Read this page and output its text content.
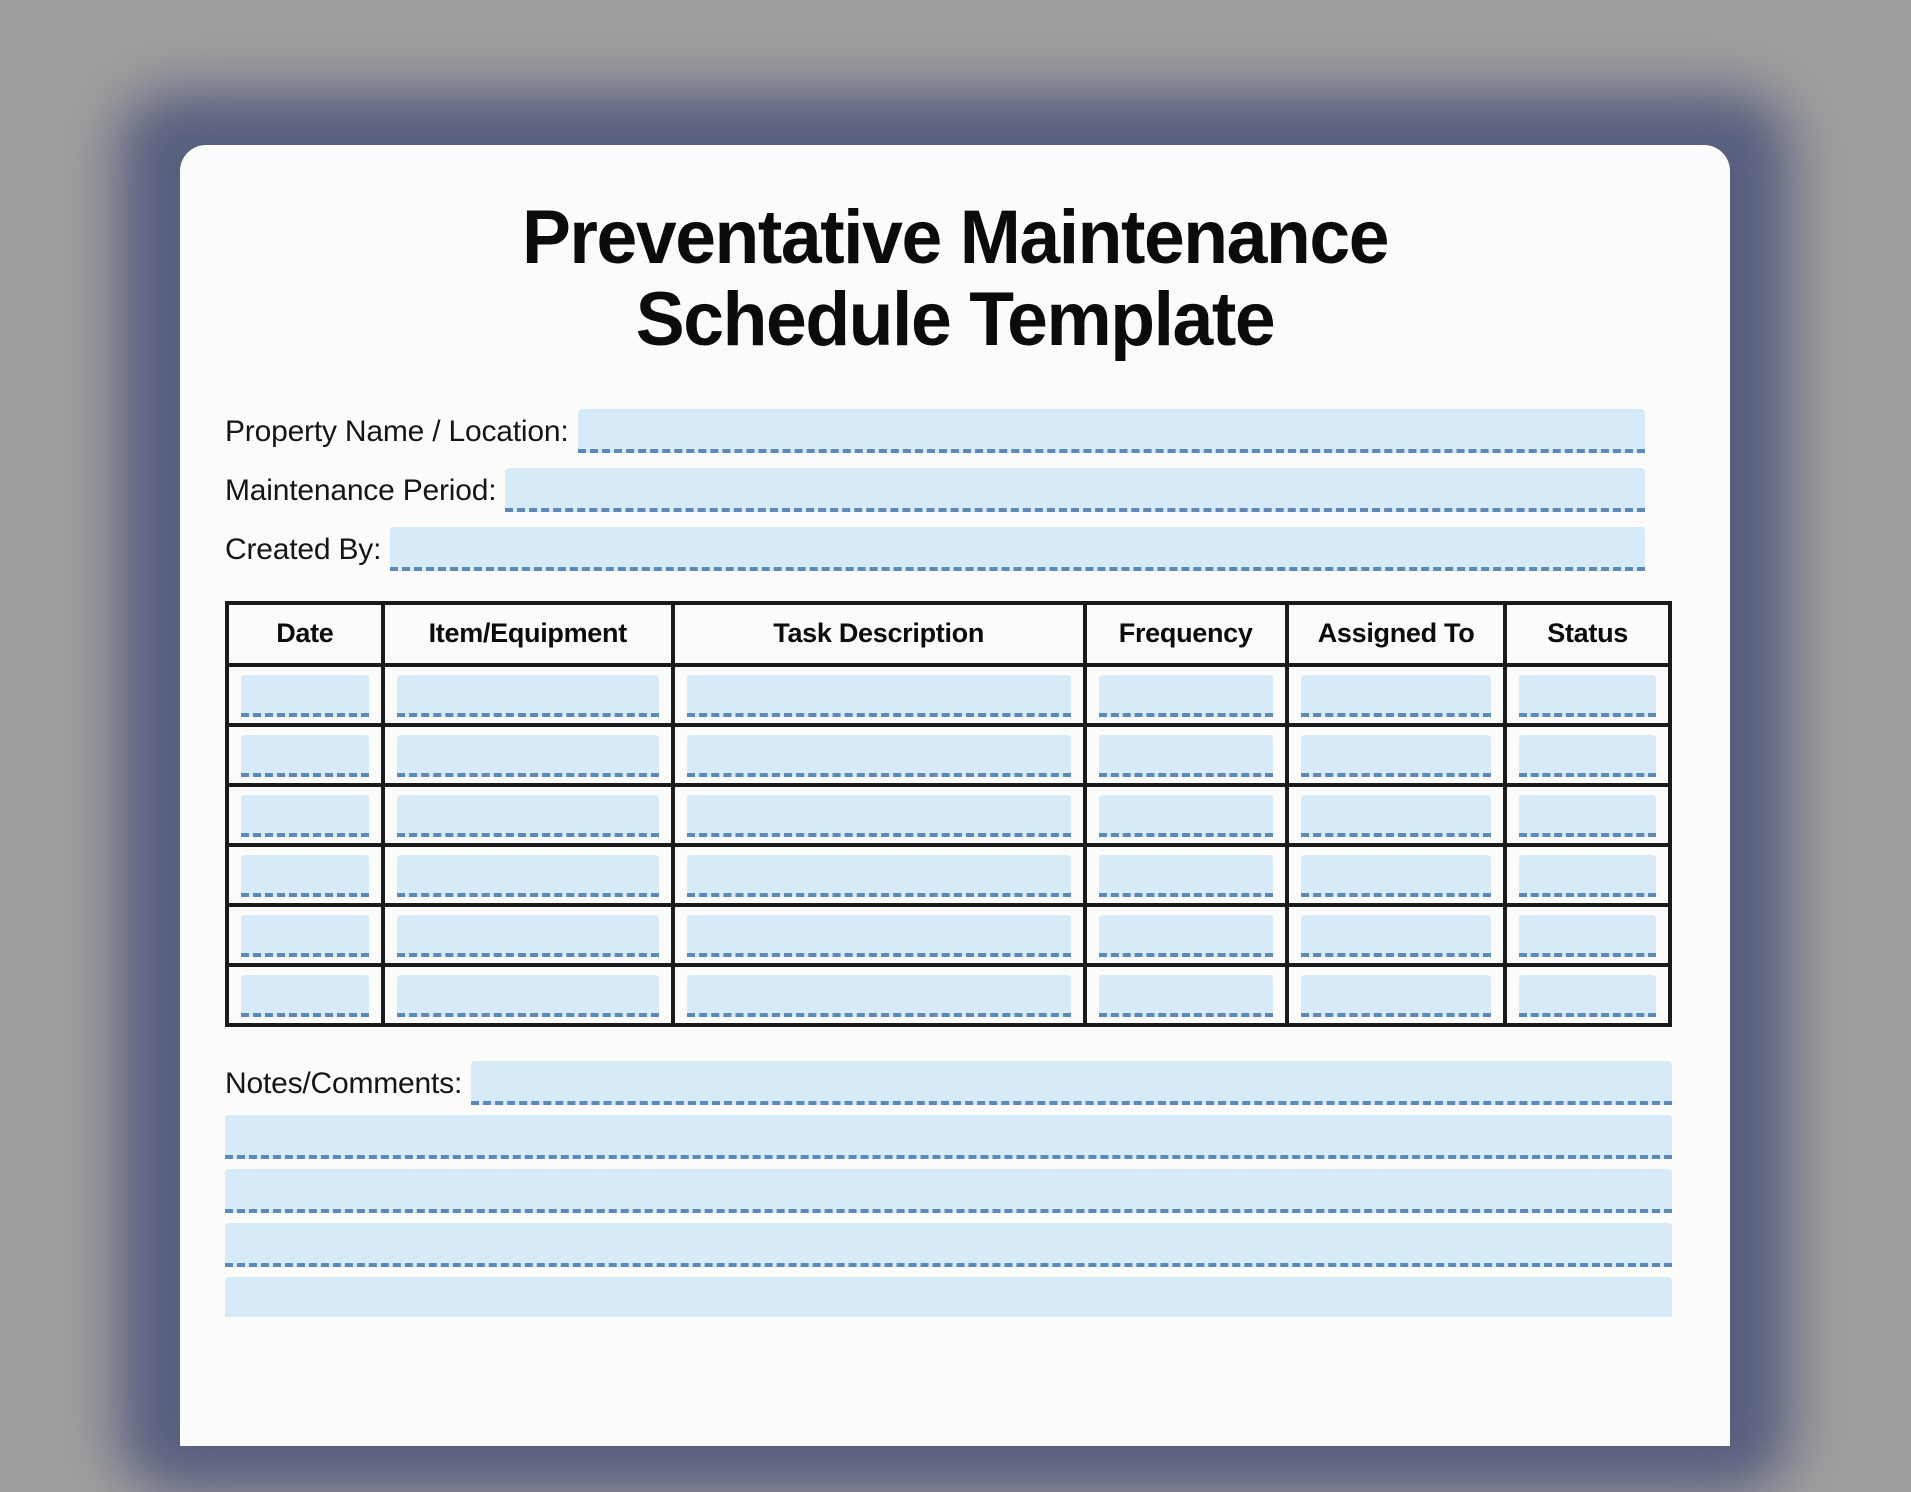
Preventative Maintenance
Schedule Template
Property Name / Location:
Maintenance Period:
Created By:
Date	Item/Equipment	Task Description	Frequency	Assigned To	Status

Notes/Comments:
